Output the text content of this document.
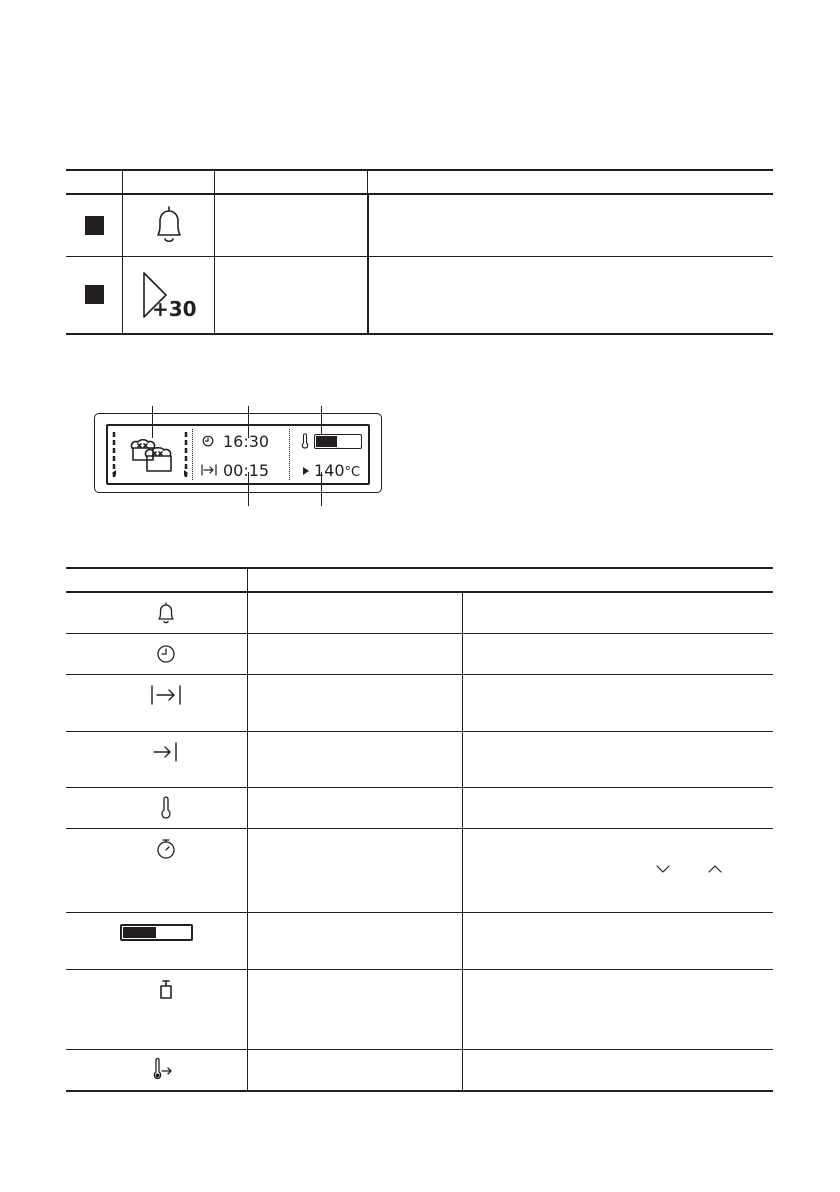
+30
16:30
00:15	140°C
